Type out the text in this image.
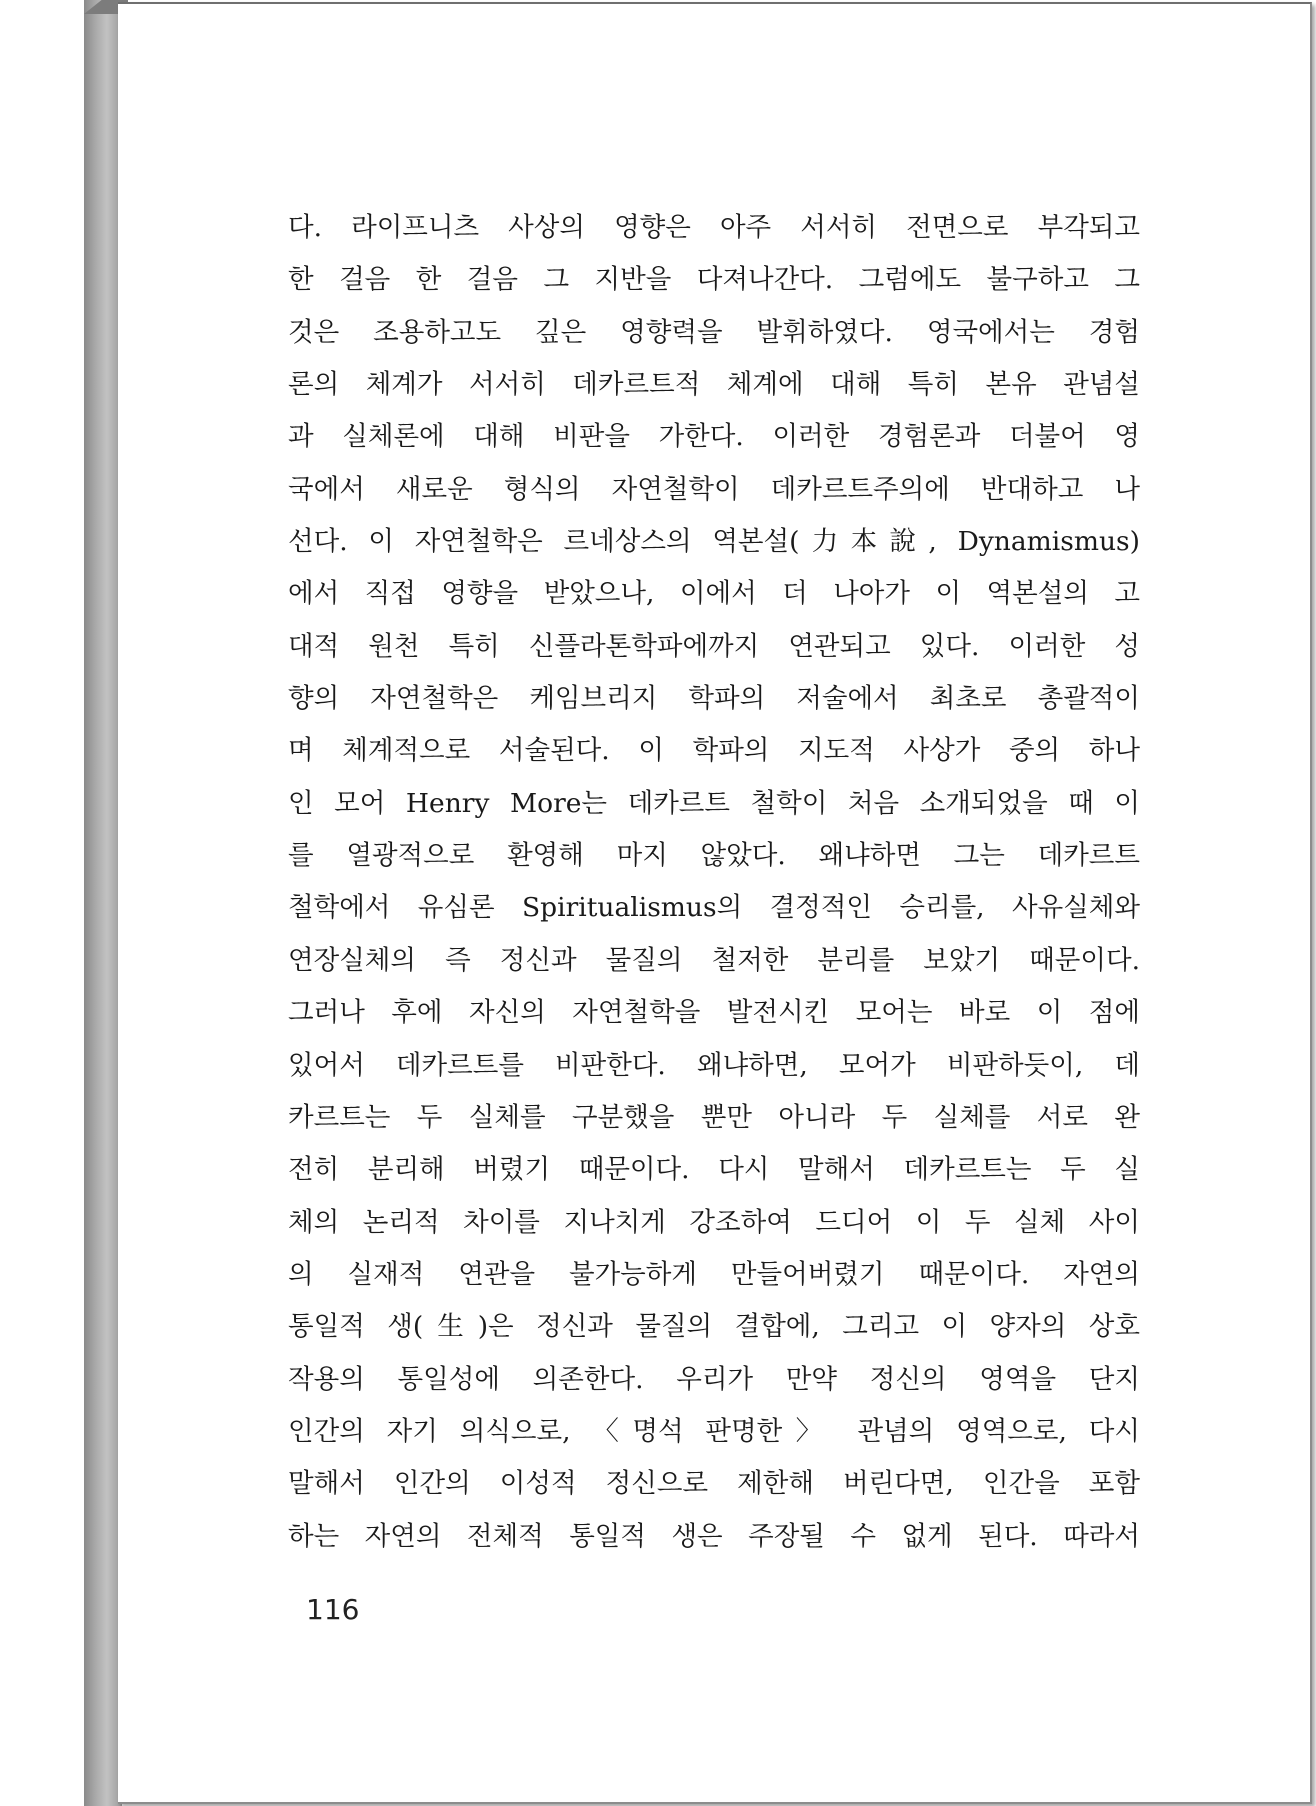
다. 라이프니츠 사상의 영향은 아주 서서히 전면으로 부각되고
한 걸음 한 걸음 그 지반을 다져나간다. 그럼에도 불구하고 그
것은 조용하고도 깊은 영향력을 발휘하였다. 영국에서는 경험
론의 체계가 서서히 데카르트적 체계에 대해 특히 본유 관념설
과 실체론에 대해 비판을 가한다. 이러한 경험론과 더불어 영
국에서 새로운 형식의 자연철학이 데카르트주의에 반대하고 나
선다. 이 자연철학은 르네상스의 역본설(力本說, Dynamismus)
에서 직접 영향을 받았으나, 이에서 더 나아가 이 역본설의 고
대적 원천 특히 신플라톤학파에까지 연관되고 있다. 이러한 성
향의 자연철학은 케임브리지 학파의 저술에서 최초로 총괄적이
며 체계적으로 서술된다. 이 학파의 지도적 사상가 중의 하나
인 모어 Henry More는 데카르트 철학이 처음 소개되었을 때 이
를 열광적으로 환영해 마지 않았다. 왜냐하면 그는 데카르트
철학에서 유심론 Spiritualismus의 결정적인 승리를, 사유실체와
연장실체의 즉 정신과 물질의 철저한 분리를 보았기 때문이다.
그러나 후에 자신의 자연철학을 발전시킨 모어는 바로 이 점에
있어서 데카르트를 비판한다. 왜냐하면, 모어가 비판하듯이, 데
카르트는 두 실체를 구분했을 뿐만 아니라 두 실체를 서로 완
전히 분리해 버렸기 때문이다. 다시 말해서 데카르트는 두 실
체의 논리적 차이를 지나치게 강조하여 드디어 이 두 실체 사이
의 실재적 연관을 불가능하게 만들어버렸기 때문이다. 자연의
통일적 생(生)은 정신과 물질의 결합에, 그리고 이 양자의 상호
작용의 통일성에 의존한다. 우리가 만약 정신의 영역을 단지
인간의 자기 의식으로, 〈명석 판명한〉 관념의 영역으로, 다시
말해서 인간의 이성적 정신으로 제한해 버린다면, 인간을 포함
하는 자연의 전체적 통일적 생은 주장될 수 없게 된다. 따라서
116
